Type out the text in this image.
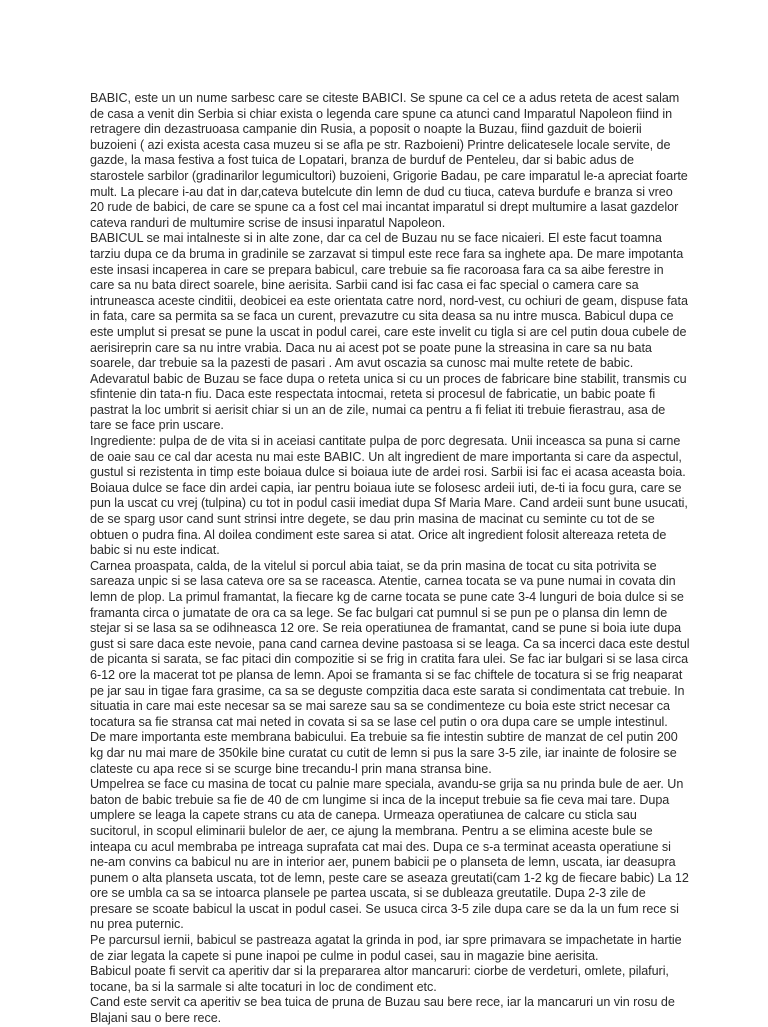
BABIC, este un un nume sarbesc care se citeste BABICI. Se spune ca cel ce a adus reteta de acest salam de casa a venit din Serbia si chiar exista o legenda care spune ca atunci cand Imparatul Napoleon fiind in retragere din dezastruoasa campanie din Rusia, a poposit o noapte la Buzau, fiind gazduit de boierii buzoieni ( azi exista acesta casa muzeu si se afla pe str. Razboieni) Printre delicatesele locale servite, de gazde, la masa festiva a fost tuica de Lopatari, branza de burduf de Penteleu, dar si babic adus de starostele sarbilor (gradinarilor legumicultori) buzoieni, Grigorie Badau, pe care imparatul le-a apreciat foarte mult. La plecare i-au dat in dar,cateva butelcute din lemn de dud cu tiuca, cateva burdufe e branza si vreo 20 rude de babici, de care se spune ca a fost cel mai incantat imparatul si drept multumire a lasat gazdelor cateva randuri de multumire scrise de insusi inparatul Napoleon.

BABICUL se mai intalneste si in alte zone, dar ca cel de Buzau nu se face nicaieri. El este facut toamna tarziu dupa ce da bruma in gradinile se zarzavat si timpul este rece fara sa inghete apa. De mare impotanta este insasi incaperea in care se prepara babicul, care trebuie sa fie racoroasa fara ca sa aibe ferestre in care sa nu bata direct soarele, bine aerisita. Sarbii cand isi fac casa ei fac special o camera care sa intruneasca aceste cinditii, deobicei ea este orientata catre nord, nord-vest, cu ochiuri de geam, dispuse fata in fata, care sa permita sa se faca un curent, prevazutre cu sita deasa sa nu intre musca. Babicul dupa ce este umplut si presat se pune la uscat in podul carei, care este invelit cu tigla si are cel putin doua cubele de aerisireprin care sa nu intre vrabia. Daca nu ai acest pot se poate pune la streasina in care sa nu bata soarele, dar trebuie sa la pazesti de pasari . Am avut oscazia sa cunosc mai multe retete de babic. Adevaratul babic de Buzau se face dupa o reteta unica si cu un proces de fabricare bine stabilit, transmis cu sfintenie din tata-n fiu. Daca este respectata intocmai, reteta si procesul de fabricatie, un babic poate fi pastrat la loc umbrit si aerisit chiar si un an de zile, numai ca pentru a fi feliat iti trebuie fierastrau, asa de tare se face prin uscare.

Ingrediente: pulpa de de vita si in aceiasi cantitate pulpa de porc degresata. Unii inceasca sa puna si carne de oaie sau ce cal dar acesta nu mai este BABIC. Un alt ingredient de mare importanta si care da aspectul, gustul si rezistenta in timp este boiaua dulce si boiaua iute de ardei rosi. Sarbii isi fac ei acasa aceasta boia. Boiaua dulce se face din ardei capia, iar pentru boiaua iute se folosesc ardeii iuti, de-ti ia focu gura, care se pun la uscat cu vrej (tulpina) cu tot in podul casii imediat dupa Sf Maria Mare. Cand ardeii sunt bune usucati, de se sparg usor cand sunt strinsi intre degete, se dau prin masina de macinat cu seminte cu tot de se obtuen o pudra fina. Al doilea condiment este sarea si atat. Orice alt ingredient folosit altereaza reteta de babic si nu este indicat.

Carnea proaspata, calda, de la vitelul si porcul abia taiat, se da prin masina de tocat cu sita potrivita se sareaza unpic si se lasa cateva ore sa se raceasca. Atentie, carnea tocata se va pune numai in covata din lemn de plop. La primul framantat, la fiecare kg de carne tocata se pune cate 3-4 lunguri de boia dulce si se framanta circa o jumatate de ora ca sa lege. Se fac bulgari cat pumnul si se pun pe o plansa din lemn de stejar si se lasa sa se odihneasca 12 ore. Se reia operatiunea de framantat, cand se pune si boia iute dupa gust si sare daca este nevoie, pana cand carnea devine pastoasa si se leaga. Ca sa incerci daca este destul de picanta si sarata, se fac pitaci din compozitie si se frig in cratita fara ulei. Se fac iar bulgari si se lasa circa 6-12 ore la macerat tot pe plansa de lemn. Apoi se framanta si se fac chiftele de tocatura si se frig neaparat pe jar sau in tigae fara grasime, ca sa se deguste compzitia daca este sarata si condimentata cat trebuie. In situatia in care mai este necesar sa se mai sareze sau sa se condimenteze cu boia este strict necesar ca tocatura sa fie stransa cat mai neted in covata si sa se lase cel putin o ora dupa care se umple intestinul.

De mare importanta este membrana babicului. Ea trebuie sa fie intestin subtire de manzat de cel putin 200 kg dar nu mai mare de 350kile bine curatat cu cutit de lemn si pus la sare 3-5 zile, iar inainte de folosire se clateste cu apa rece si se scurge bine trecandu-l prin mana stransa bine.

Umpelrea se face cu masina de tocat cu palnie mare speciala, avandu-se grija sa nu prinda bule de aer. Un baton de babic trebuie sa fie de 40 de cm lungime si inca de la inceput trebuie sa fie ceva mai tare. Dupa umplere se leaga la capete strans cu ata de canepa. Urmeaza operatiunea de calcare cu sticla sau sucitorul, in scopul eliminarii bulelor de aer, ce ajung la membrana. Pentru a se elimina aceste bule se inteapa cu acul membraba pe intreaga suprafata cat mai des. Dupa ce s-a terminat aceasta operatiune si ne-am convins ca babicul nu are in interior aer, punem babicii pe o planseta de lemn, uscata, iar deasupra punem o alta planseta uscata, tot de lemn, peste care se aseaza greutati(cam 1-2 kg de fiecare babic) La 12 ore se umbla ca sa se intoarca plansele pe partea uscata, si se dubleaza greutatile. Dupa 2-3 zile de presare se scoate babicul la uscat in podul casei. Se usuca circa 3-5 zile dupa care se da la un fum rece si nu prea puternic.

Pe parcursul iernii, babicul se pastreaza agatat la grinda in pod, iar spre primavara se impachetate in hartie de ziar legata la capete si pune inapoi pe culme in podul casei, sau in magazie bine aerisita.

Babicul poate fi servit ca aperitiv dar si la prepararea altor mancaruri: ciorbe de verdeturi, omlete, pilafuri, tocane, ba si la sarmale si alte tocaturi in loc de condiment etc.

Cand este servit ca aperitiv se bea tuica de pruna de Buzau sau bere rece, iar la mancaruri un vin rosu de Blajani sau o bere rece.
